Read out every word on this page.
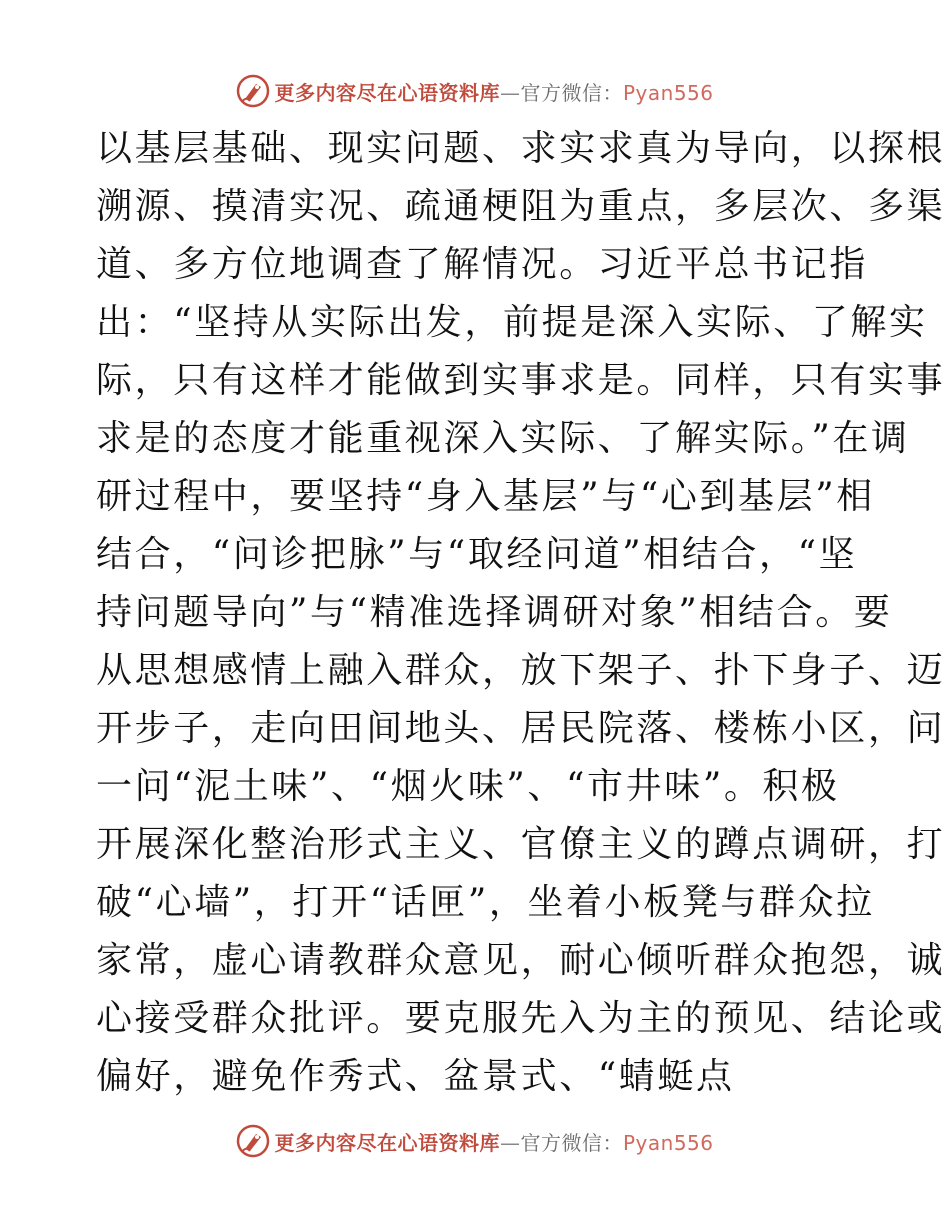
更多内容尽在心语资料库—官方微信：Pyan556
以基层基础、现实问题、求实求真为导向，以探根
溯源、摸清实况、疏通梗阻为重点，多层次、多渠
道、多方位地调查了解情况。习近平总书记指
出：“坚持从实际出发，前提是深入实际、了解实
际，只有这样才能做到实事求是。同样，只有实事
求是的态度才能重视深入实际、了解实际。”在调
研过程中，要坚持“身入基层”与“心到基层”相
结合，“问诊把脉”与“取经问道”相结合，“坚
持问题导向”与“精准选择调研对象”相结合。要
从思想感情上融入群众，放下架子、扑下身子、迈
开步子，走向田间地头、居民院落、楼栋小区，问
一问“泥土味”、“烟火味”、“市井味”。积极
开展深化整治形式主义、官僚主义的蹲点调研，打
破“心墙”，打开“话匣”，坐着小板凳与群众拉
家常，虚心请教群众意见，耐心倾听群众抱怨，诚
心接受群众批评。要克服先入为主的预见、结论或
偏好，避免作秀式、盆景式、“蜻蜓点
更多内容尽在心语资料库—官方微信：Pyan556
